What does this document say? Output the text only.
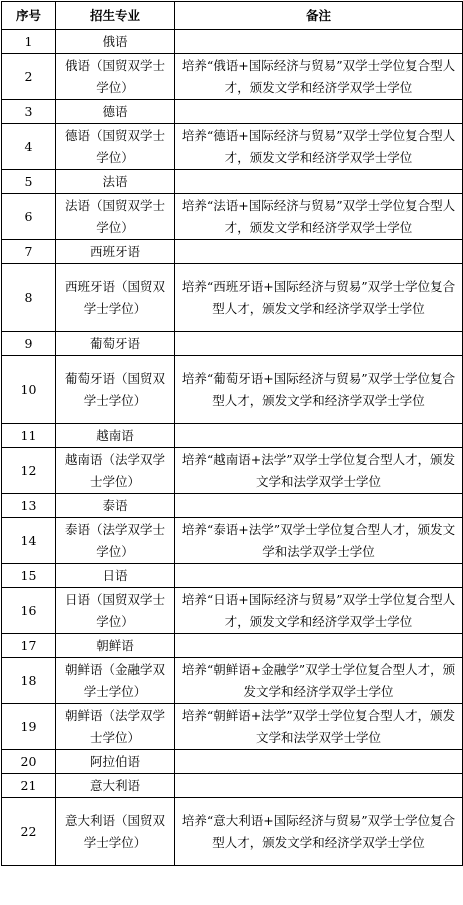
序号	招生专业	备注
1	俄语	
2	俄语（国贸双学士学位）	培养“俄语+国际经济与贸易”双学士学位复合型人才，颁发文学和经济学双学士学位
3	德语	
4	德语（国贸双学士学位）	培养“德语+国际经济与贸易”双学士学位复合型人才，颁发文学和经济学双学士学位
5	法语	
6	法语（国贸双学士学位）	培养“法语+国际经济与贸易”双学士学位复合型人才，颁发文学和经济学双学士学位
7	西班牙语	
8	西班牙语（国贸双学士学位）	培养“西班牙语+国际经济与贸易”双学士学位复合型人才，颁发文学和经济学双学士学位
9	葡萄牙语	
10	葡萄牙语（国贸双学士学位）	培养“葡萄牙语+国际经济与贸易”双学士学位复合型人才，颁发文学和经济学双学士学位
11	越南语	
12	越南语（法学双学士学位）	培养“越南语+法学”双学士学位复合型人才，颁发文学和法学双学士学位
13	泰语	
14	泰语（法学双学士学位）	培养“泰语+法学”双学士学位复合型人才，颁发文学和法学双学士学位
15	日语	
16	日语（国贸双学士学位）	培养“日语+国际经济与贸易”双学士学位复合型人才，颁发文学和经济学双学士学位
17	朝鲜语	
18	朝鲜语（金融学双学士学位）	培养“朝鲜语+金融学”双学士学位复合型人才，颁发文学和经济学双学士学位
19	朝鲜语（法学双学士学位）	培养“朝鲜语+法学”双学士学位复合型人才，颁发文学和法学双学士学位
20	阿拉伯语	
21	意大利语	
22	意大利语（国贸双学士学位）	培养“意大利语+国际经济与贸易”双学士学位复合型人才，颁发文学和经济学双学士学位
